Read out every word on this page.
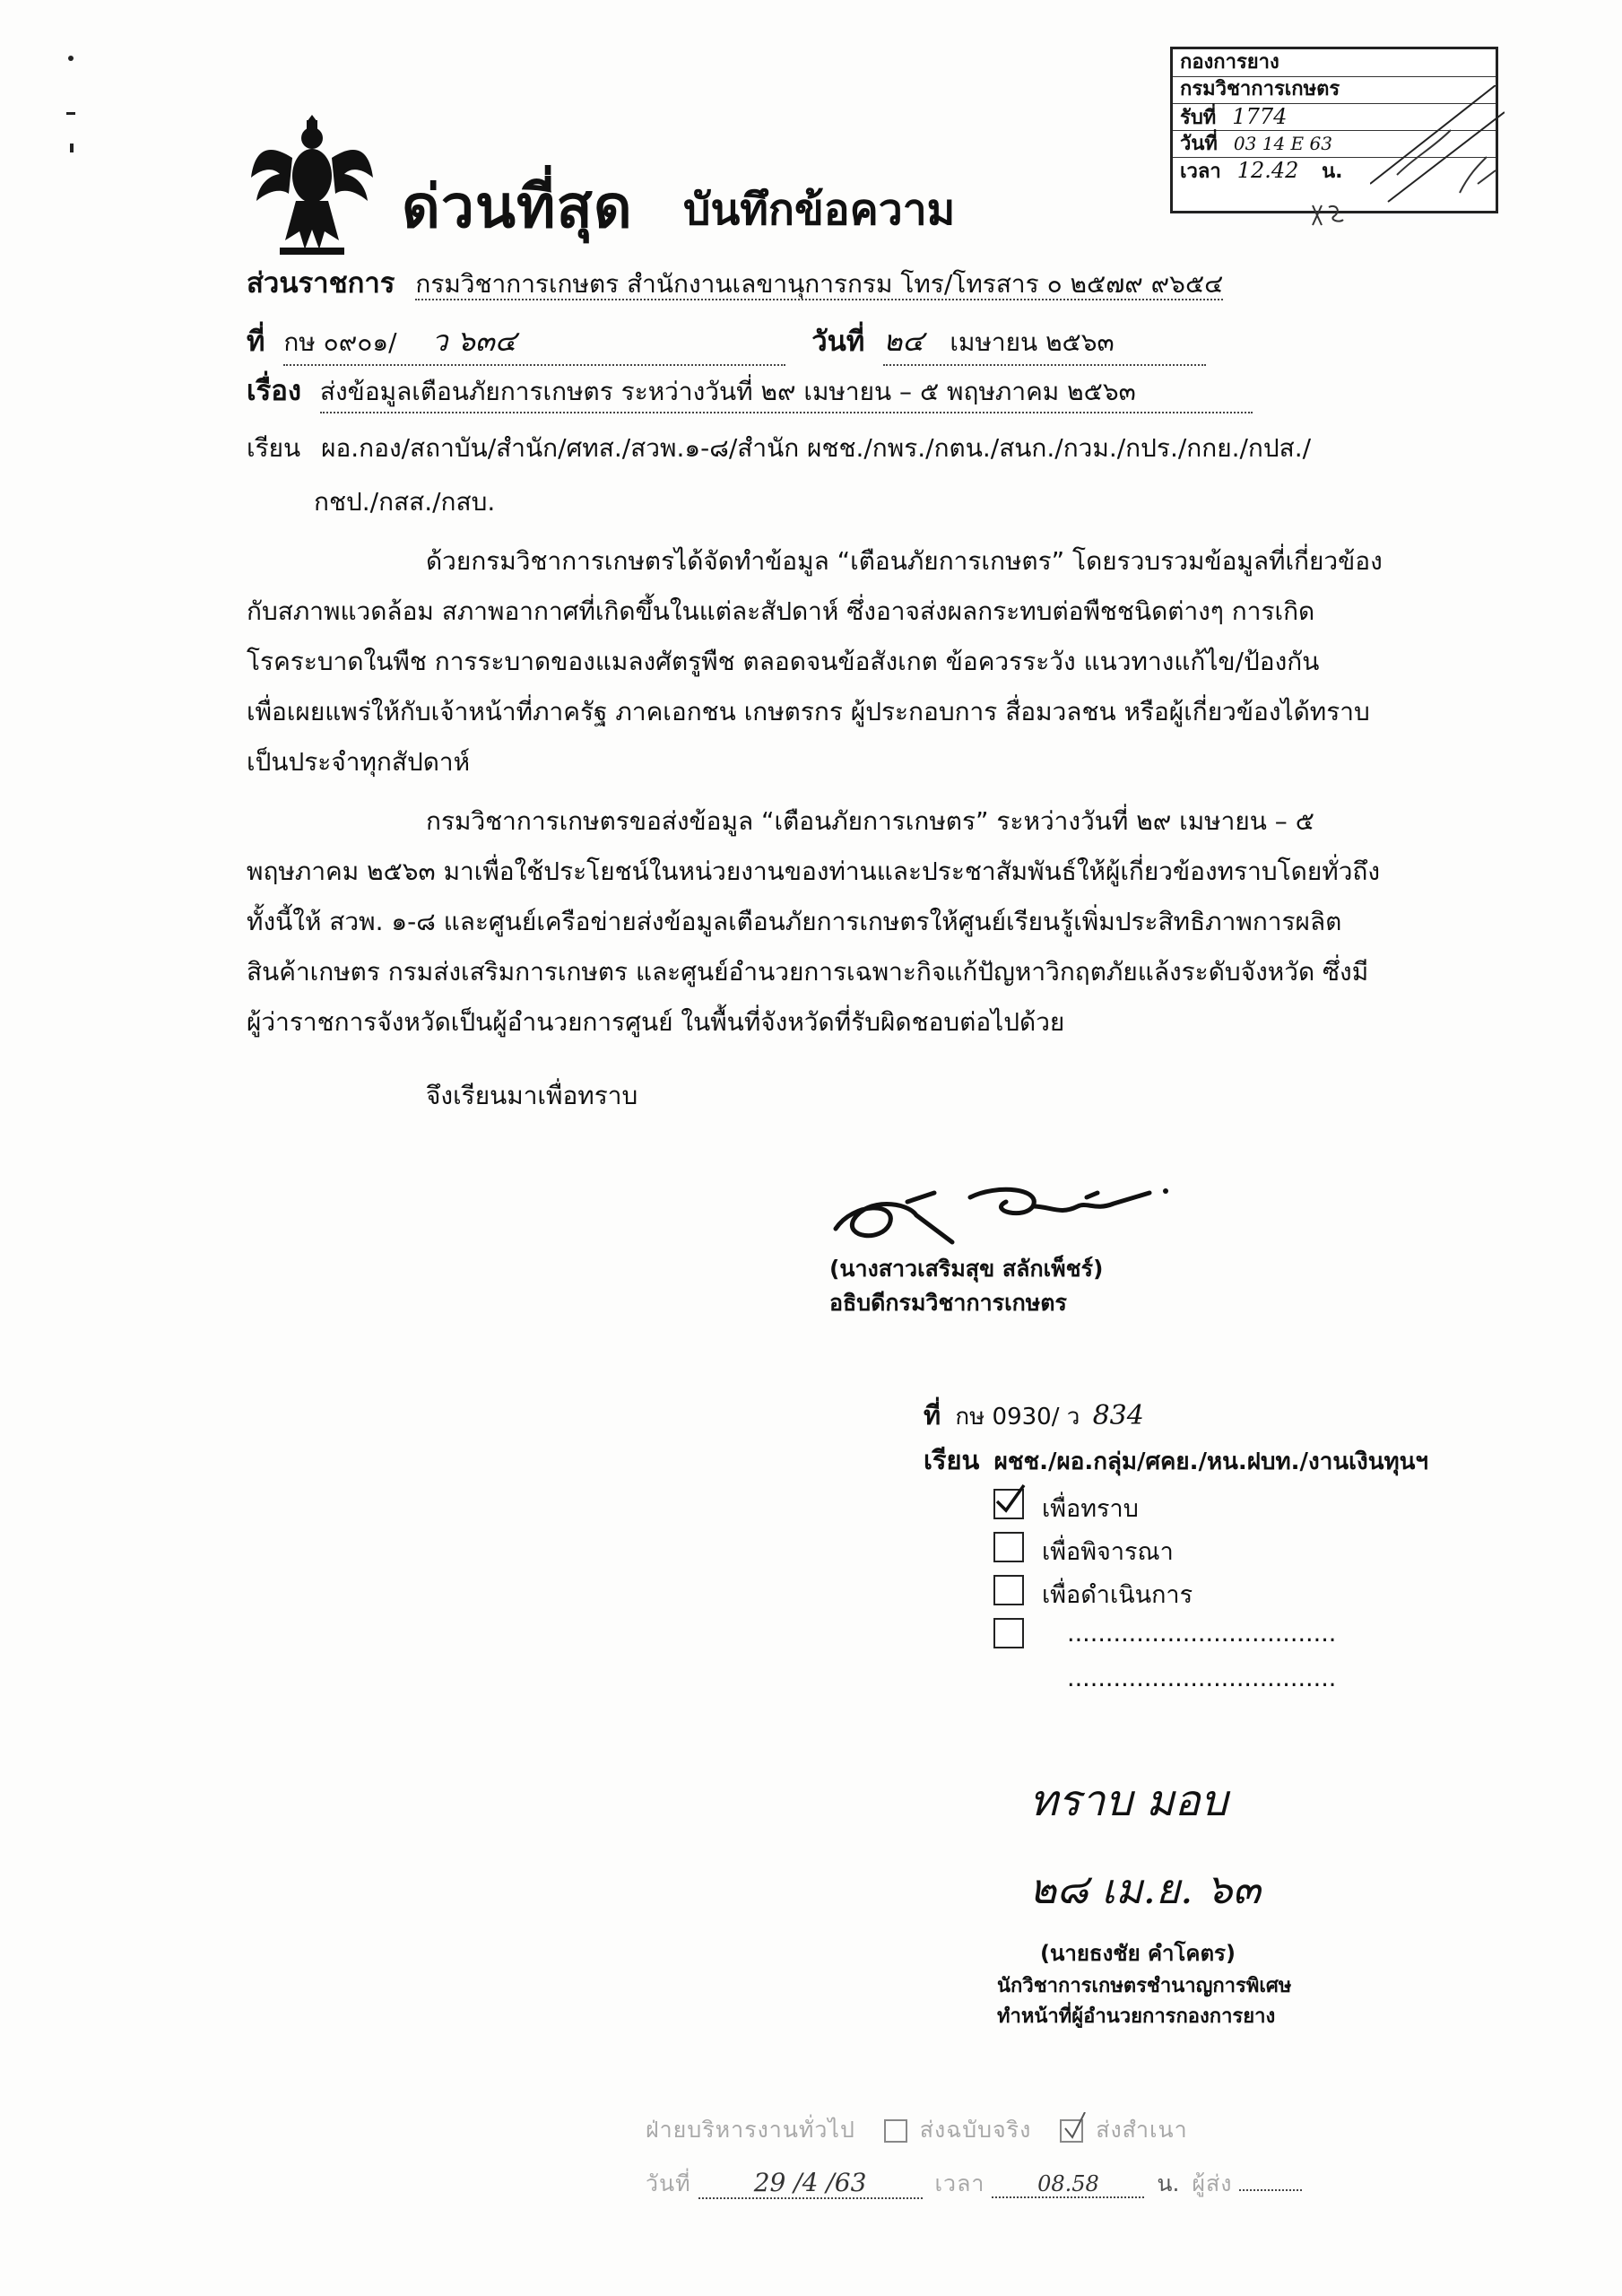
ด่วนที่สุด บันทึกข้อความ
กองการยาง
กรมวิชาการเกษตร
รับที่ 1774
วันที่ 03 14 E 63
เวลา 12.42 น.
ส่วนราชการ กรมวิชาการเกษตร สำนักงานเลขานุการกรม โทร/โทรสาร ๐ ๒๕๗๙ ๙๖๕๔
ที่ กษ ๐๙๐๑/ ว ๖๓๔	วันที่ ๒๔ เมษายน ๒๕๖๓
เรื่อง ส่งข้อมูลเตือนภัยการเกษตร ระหว่างวันที่ ๒๙ เมษายน – ๕ พฤษภาคม ๒๕๖๓
เรียน ผอ.กอง/สถาบัน/สำนัก/ศทส./สวพ.๑-๘/สำนัก ผชช./กพร./กตน./สนก./กวม./กปร./กกย./กปส./
กชป./กสส./กสบ.
ด้วยกรมวิชาการเกษตรได้จัดทำข้อมูล “เตือนภัยการเกษตร” โดยรวบรวมข้อมูลที่เกี่ยวข้อง
กับสภาพแวดล้อม สภาพอากาศที่เกิดขึ้นในแต่ละสัปดาห์ ซึ่งอาจส่งผลกระทบต่อพืชชนิดต่างๆ การเกิด
โรคระบาดในพืช การระบาดของแมลงศัตรูพืช ตลอดจนข้อสังเกต ข้อควรระวัง แนวทางแก้ไข/ป้องกัน
เพื่อเผยแพร่ให้กับเจ้าหน้าที่ภาครัฐ ภาคเอกชน เกษตรกร ผู้ประกอบการ สื่อมวลชน หรือผู้เกี่ยวข้องได้ทราบ
เป็นประจำทุกสัปดาห์
กรมวิชาการเกษตรขอส่งข้อมูล “เตือนภัยการเกษตร” ระหว่างวันที่ ๒๙ เมษายน – ๕
พฤษภาคม ๒๕๖๓ มาเพื่อใช้ประโยชน์ในหน่วยงานของท่านและประชาสัมพันธ์ให้ผู้เกี่ยวข้องทราบโดยทั่วถึง
ทั้งนี้ให้ สวพ. ๑-๘ และศูนย์เครือข่ายส่งข้อมูลเตือนภัยการเกษตรให้ศูนย์เรียนรู้เพิ่มประสิทธิภาพการผลิต
สินค้าเกษตร กรมส่งเสริมการเกษตร และศูนย์อำนวยการเฉพาะกิจแก้ปัญหาวิกฤตภัยแล้งระดับจังหวัด ซึ่งมี
ผู้ว่าราชการจังหวัดเป็นผู้อำนวยการศูนย์ ในพื้นที่จังหวัดที่รับผิดชอบต่อไปด้วย
จึงเรียนมาเพื่อทราบ
(นางสาวเสริมสุข สลักเพ็ชร์)
อธิบดีกรมวิชาการเกษตร
ที่ กษ 0930/ ว 834
เรียน ผชช./ผอ.กลุ่ม/ศคย./หน.ฝบท./งานเงินทุนฯ
เพื่อทราบ
เพื่อพิจารณา
เพื่อดำเนินการ
...................................
...................................
ทราบ มอบ
๒๘ เม.ย. ๖๓
(นายธงชัย คำโคตร)
นักวิชาการเกษตรชำนาญการพิเศษ
ทำหน้าที่ผู้อำนวยการกองการยาง
ฝ่ายบริหารงานทั่วไป	ส่งฉบับจริง	ส่งสำเนา
วันที่	29 /4 /63	เวลา 08.58	น. ผู้ส่ง
